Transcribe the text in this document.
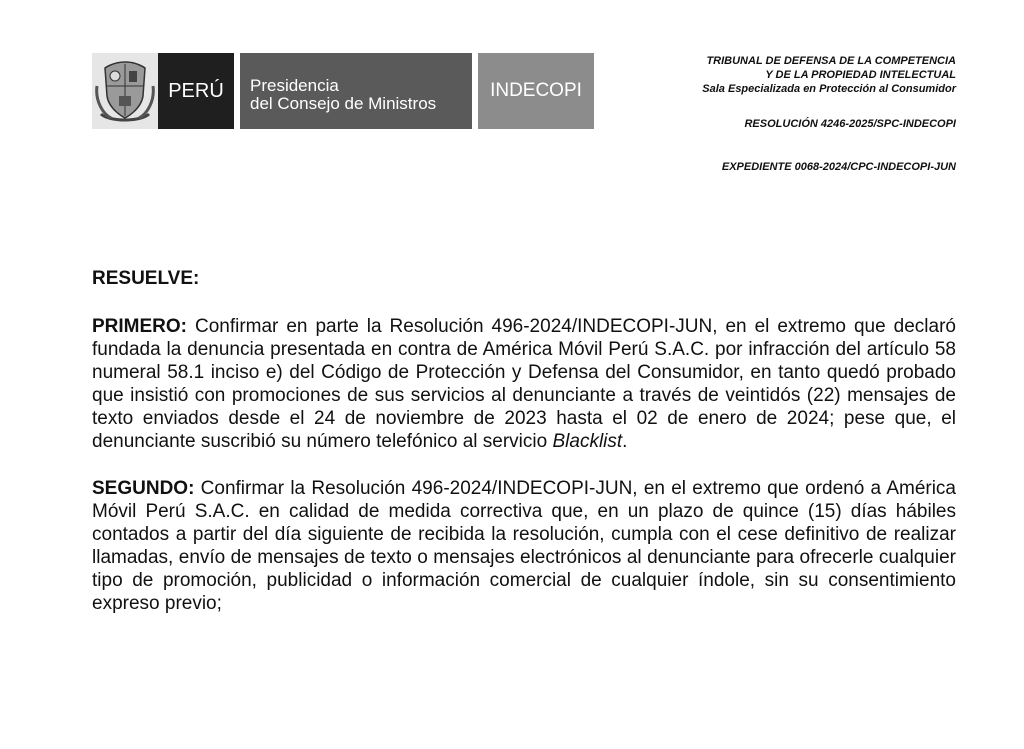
PERÚ	Presidencia
del Consejo de Ministros
INDECOPI
TRIBUNAL DE DEFENSA DE LA COMPETENCIA
Y DE LA PROPIEDAD INTELECTUAL
Sala Especializada en Protección al Consumidor
RESOLUCIÓN 4246-2025/SPC-INDECOPI
EXPEDIENTE 0068-2024/CPC-INDECOPI-JUN

RESUELVE:

PRIMERO: Confirmar en parte la Resolución 496-2024/INDECOPI-JUN, en el extremo que declaró fundada la denuncia presentada en contra de América Móvil Perú S.A.C. por infracción del artículo 58 numeral 58.1 inciso e) del Código de Protección y Defensa del Consumidor, en tanto quedó probado que insistió con promociones de sus servicios al denunciante a través de veintidós (22) mensajes de texto enviados desde el 24 de noviembre de 2023 hasta el 02 de enero de 2024; pese que, el denunciante suscribió su número telefónico al servicio Blacklist.

SEGUNDO: Confirmar la Resolución 496-2024/INDECOPI-JUN, en el extremo que ordenó a América Móvil Perú S.A.C. en calidad de medida correctiva que, en un plazo de quince (15) días hábiles contados a partir del día siguiente de recibida la resolución, cumpla con el cese definitivo de realizar llamadas, envío de mensajes de texto o mensajes electrónicos al denunciante para ofrecerle cualquier tipo de promoción, publicidad o información comercial de cualquier índole, sin su consentimiento expreso previo;
